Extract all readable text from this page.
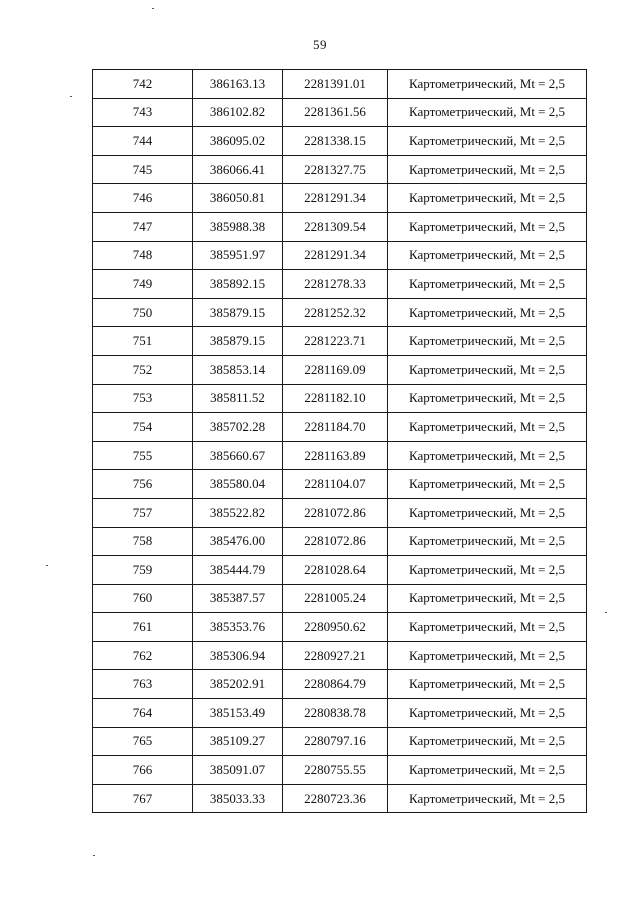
59
742	386163.13	2281391.01	Картометрический, Mt = 2,5
743	386102.82	2281361.56	Картометрический, Mt = 2,5
744	386095.02	2281338.15	Картометрический, Mt = 2,5
745	386066.41	2281327.75	Картометрический, Mt = 2,5
746	386050.81	2281291.34	Картометрический, Mt = 2,5
747	385988.38	2281309.54	Картометрический, Mt = 2,5
748	385951.97	2281291.34	Картометрический, Mt = 2,5
749	385892.15	2281278.33	Картометрический, Mt = 2,5
750	385879.15	2281252.32	Картометрический, Mt = 2,5
751	385879.15	2281223.71	Картометрический, Mt = 2,5
752	385853.14	2281169.09	Картометрический, Mt = 2,5
753	385811.52	2281182.10	Картометрический, Mt = 2,5
754	385702.28	2281184.70	Картометрический, Mt = 2,5
755	385660.67	2281163.89	Картометрический, Mt = 2,5
756	385580.04	2281104.07	Картометрический, Mt = 2,5
757	385522.82	2281072.86	Картометрический, Mt = 2,5
758	385476.00	2281072.86	Картометрический, Mt = 2,5
759	385444.79	2281028.64	Картометрический, Mt = 2,5
760	385387.57	2281005.24	Картометрический, Mt = 2,5
761	385353.76	2280950.62	Картометрический, Mt = 2,5
762	385306.94	2280927.21	Картометрический, Mt = 2,5
763	385202.91	2280864.79	Картометрический, Mt = 2,5
764	385153.49	2280838.78	Картометрический, Mt = 2,5
765	385109.27	2280797.16	Картометрический, Mt = 2,5
766	385091.07	2280755.55	Картометрический, Mt = 2,5
767	385033.33	2280723.36	Картометрический, Mt = 2,5
